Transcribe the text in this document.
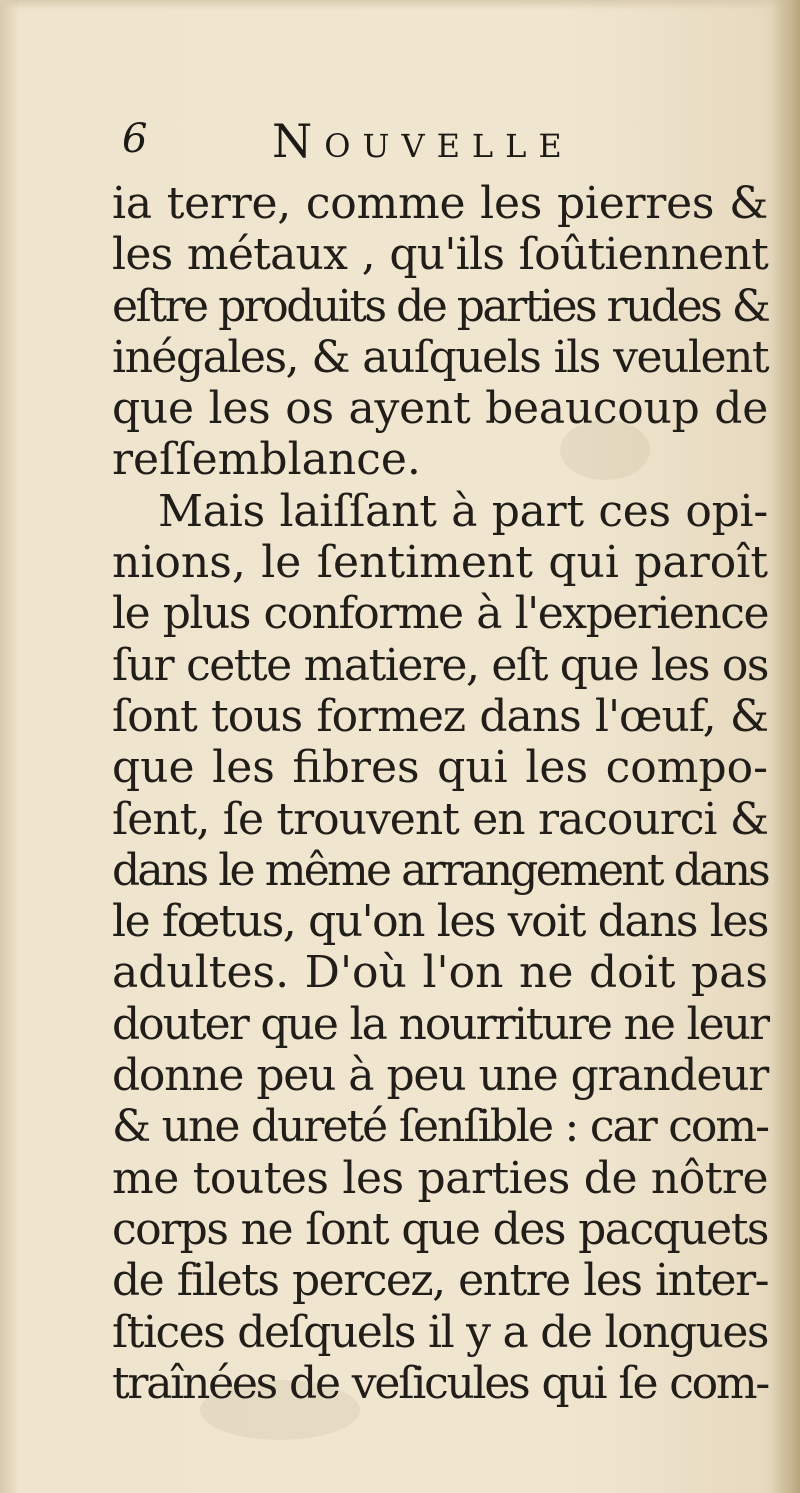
6	Nouvelle
ia terre, comme les pierres &
les métaux , qu'ils ſoûtiennent
eſtre produits de parties rudes &
inégales, & auſquels ils veulent
que les os ayent beaucoup de
reſſemblance.
Mais laiſſant à part ces opi-
nions, le ſentiment qui paroît
le plus conforme à l'experience
ſur cette matiere, eſt que les os
ſont tous formez dans l'œuf, &
que les fibres qui les compo-
ſent, ſe trouvent en racourci &
dans le même arrangement dans
le fœtus, qu'on les voit dans les
adultes. D'où l'on ne doit pas
douter que la nourriture ne leur
donne peu à peu une grandeur
& une dureté ſenſible : car com-
me toutes les parties de nôtre
corps ne ſont que des pacquets
de filets percez, entre les inter-
ſtices deſquels il y a de longues
traînées de veſicules qui ſe com-
